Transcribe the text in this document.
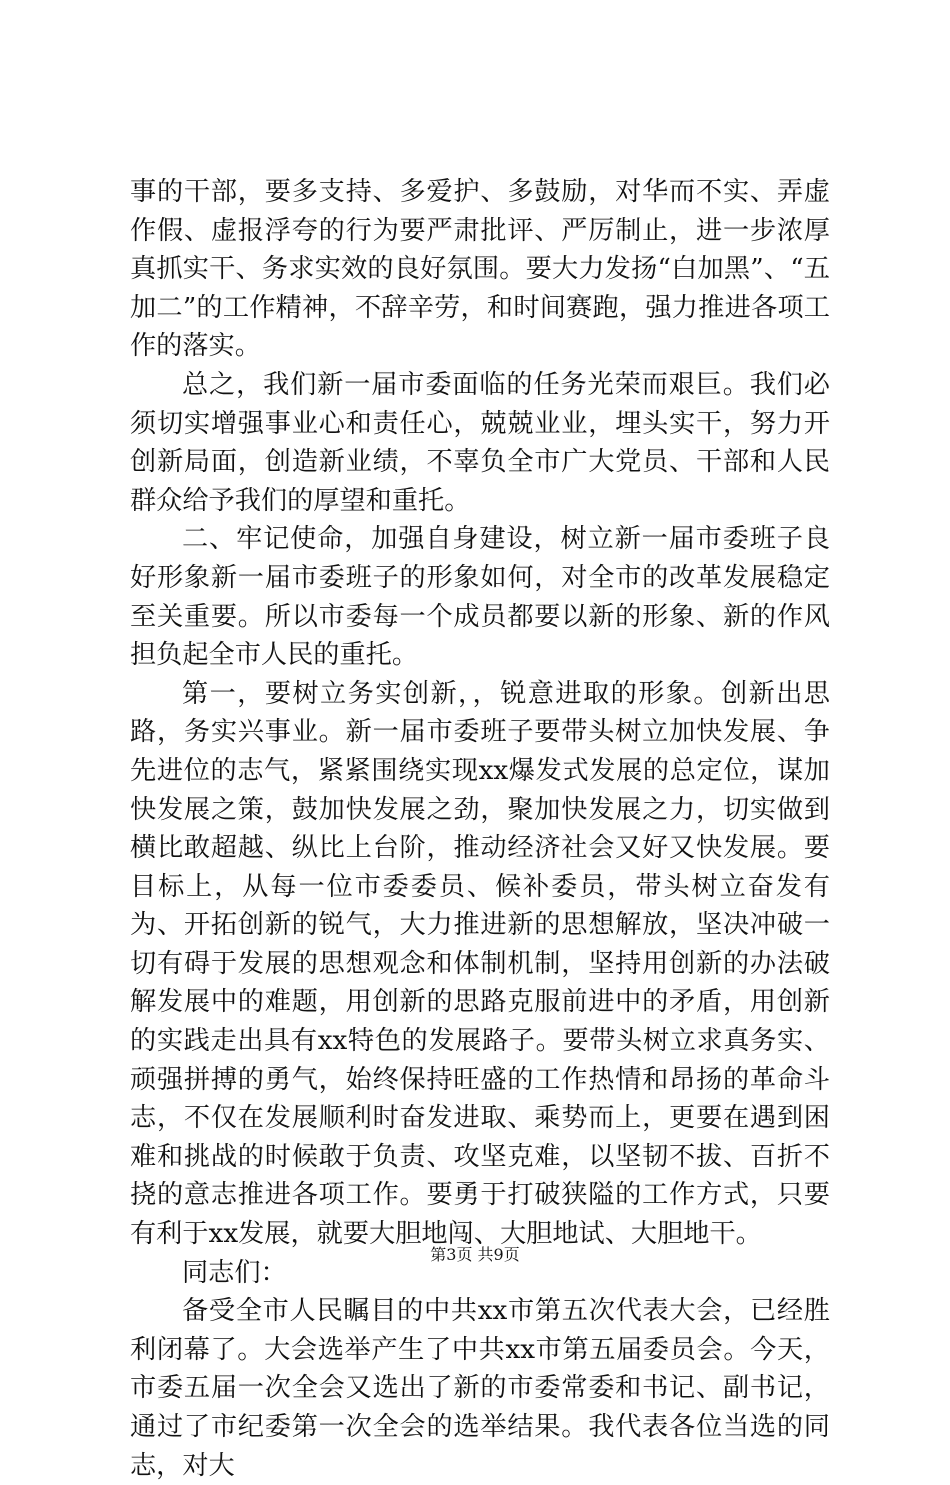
事的干部，要多支持、多爱护、多鼓励，对华而不实、弄虚作假、虚报浮夸的行为要严肃批评、严厉制止，进一步浓厚真抓实干、务求实效的良好氛围。要大力发扬“白加黑”、“五加二”的工作精神，不辞辛劳，和时间赛跑，强力推进各项工作的落实。

总之，我们新一届市委面临的任务光荣而艰巨。我们必须切实增强事业心和责任心，兢兢业业，埋头实干，努力开创新局面，创造新业绩，不辜负全市广大党员、干部和人民群众给予我们的厚望和重托。

二、牢记使命，加强自身建设，树立新一届市委班子良好形象新一届市委班子的形象如何，对全市的改革发展稳定至关重要。所以市委每一个成员都要以新的形象、新的作风担负起全市人民的重托。

第一，要树立务实创新，，锐意进取的形象。创新出思路，务实兴事业。新一届市委班子要带头树立加快发展、争先进位的志气，紧紧围绕实现xx爆发式发展的总定位，谋加快发展之策，鼓加快发展之劲，聚加快发展之力，切实做到横比敢超越、纵比上台阶，推动经济社会又好又快发展。要目标上，从每一位市委委员、候补委员，带头树立奋发有为、开拓创新的锐气，大力推进新的思想解放，坚决冲破一切有碍于发展的思想观念和体制机制，坚持用创新的办法破解发展中的难题，用创新的思路克服前进中的矛盾，用创新的实践走出具有xx特色的发展路子。要带头树立求真务实、顽强拼搏的勇气，始终保持旺盛的工作热情和昂扬的革命斗志，不仅在发展顺利时奋发进取、乘势而上，更要在遇到困难和挑战的时候敢于负责、攻坚克难，以坚韧不拔、百折不挠的意志推进各项工作。要勇于打破狭隘的工作方式，只要有利于xx发展，就要大胆地闯、大胆地试、大胆地干。

同志们：

备受全市人民瞩目的中共xx市第五次代表大会，已经胜利闭幕了。大会选举产生了中共xx市第五届委员会。今天，市委五届一次全会又选出了新的市委常委和书记、副书记，通过了市纪委第一次全会的选举结果。我代表各位当选的同志，对大

第3页 共9页
